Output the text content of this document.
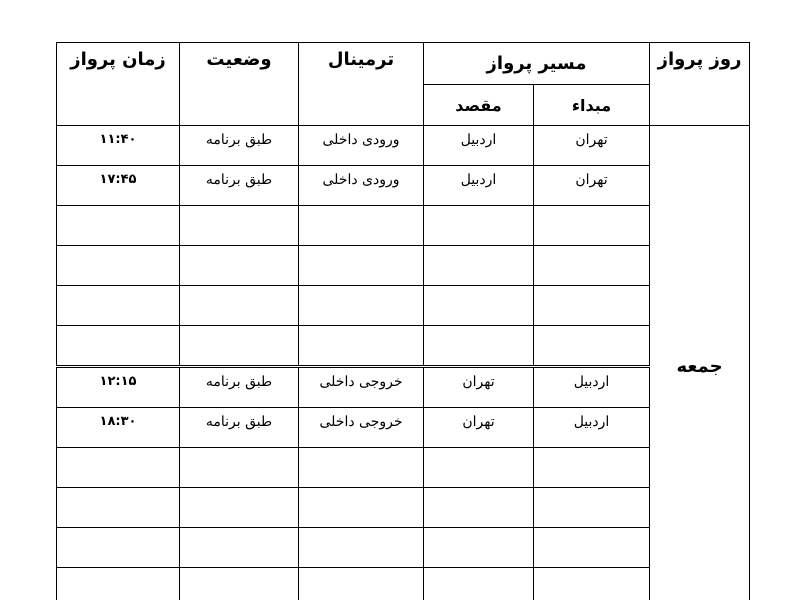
روز پرواز	مسیر پرواز		ترمینال	وضعیت	زمان پرواز
	مبداء	مقصد			
جمعه	تهران	اردبیل	ورودی داخلی	طبق برنامه	۱۱:۴۰
	تهران	اردبیل	ورودی داخلی	طبق برنامه	۱۷:۴۵

	اردبیل	تهران	خروجی داخلی	طبق برنامه	۱۲:۱۵
	اردبیل	تهران	خروجی داخلی	طبق برنامه	۱۸:۳۰
